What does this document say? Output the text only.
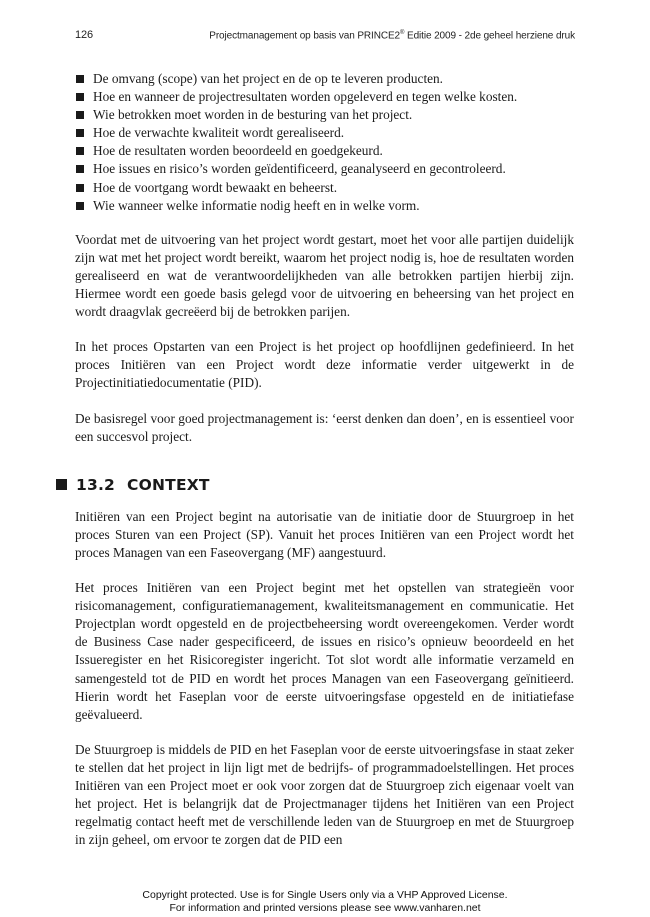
126	Projectmanagement op basis van PRINCE2® Editie 2009 - 2de geheel herziene druk
De omvang (scope) van het project en de op te leveren producten.
Hoe en wanneer de projectresultaten worden opgeleverd en tegen welke kosten.
Wie betrokken moet worden in de besturing van het project.
Hoe de verwachte kwaliteit wordt gerealiseerd.
Hoe de resultaten worden beoordeeld en goedgekeurd.
Hoe issues en risico’s worden geïdentificeerd, geanalyseerd en gecontroleerd.
Hoe de voortgang wordt bewaakt en beheerst.
Wie wanneer welke informatie nodig heeft en in welke vorm.

Voordat met de uitvoering van het project wordt gestart, moet het voor alle partijen duidelijk zijn wat met het project wordt bereikt, waarom het project nodig is, hoe de resultaten worden gerealiseerd en wat de verantwoordelijkheden van alle betrokken partijen hierbij zijn. Hiermee wordt een goede basis gelegd voor de uitvoering en beheersing van het project en wordt draagvlak gecreëerd bij de betrokken parijen.

In het proces Opstarten van een Project is het project op hoofdlijnen gedefinieerd. In het proces Initiëren van een Project wordt deze informatie verder uitgewerkt in de Projectinitiatiedocumentatie (PID).

De basisregel voor goed projectmanagement is: ‘eerst denken dan doen’, en is essentieel voor een succesvol project.

13.2 CONTEXT

Initiëren van een Project begint na autorisatie van de initiatie door de Stuurgroep in het proces Sturen van een Project (SP). Vanuit het proces Initiëren van een Project wordt het proces Managen van een Faseovergang (MF) aangestuurd.

Het proces Initiëren van een Project begint met het opstellen van strategieën voor risicomanagement, configuratiemanagement, kwaliteitsmanagement en communicatie. Het Projectplan wordt opgesteld en de projectbeheersing wordt overeengekomen. Verder wordt de Business Case nader gespecificeerd, de issues en risico’s opnieuw beoordeeld en het Issueregister en het Risicoregister ingericht. Tot slot wordt alle informatie verzameld en samengesteld tot de PID en wordt het proces Managen van een Faseovergang geïnitieerd. Hierin wordt het Faseplan voor de eerste uitvoeringsfase opgesteld en de initiatiefase geëvalueerd.

De Stuurgroep is middels de PID en het Faseplan voor de eerste uitvoeringsfase in staat zeker te stellen dat het project in lijn ligt met de bedrijfs- of programmadoelstellingen. Het proces Initiëren van een Project moet er ook voor zorgen dat de Stuurgroep zich eigenaar voelt van het project. Het is belangrijk dat de Projectmanager tijdens het Initiëren van een Project regelmatig contact heeft met de verschillende leden van de Stuurgroep en met de Stuurgroep in zijn geheel, om ervoor te zorgen dat de PID een

Copyright protected. Use is for Single Users only via a VHP Approved License.
For information and printed versions please see www.vanharen.net
